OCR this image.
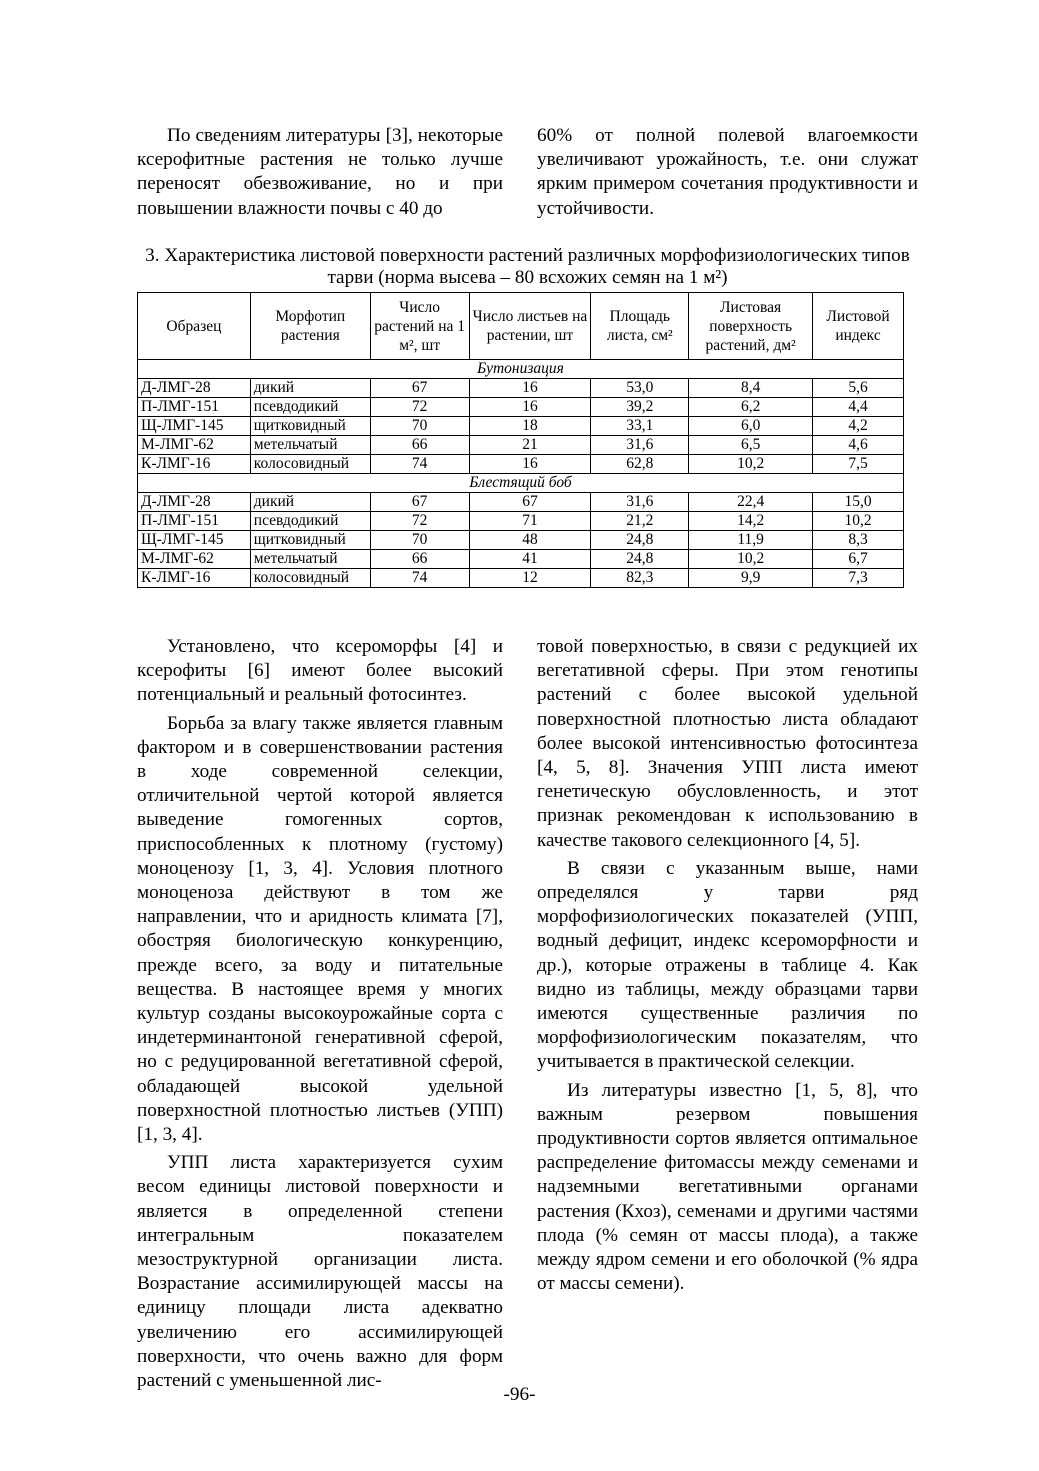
По сведениям литературы [3], некоторые ксерофитные растения не только лучше переносят обезвоживание, но и при повышении влажности почвы с 40 до

60% от полной полевой влагоемкости увеличивают урожайность, т.е. они служат ярким примером сочетания продуктивности и устойчивости.

3. Характеристика листовой поверхности растений различных морфофизиологических типов тарви (норма высева – 80 всхожих семян на 1 м²)
Образец	Морфотип растения	Число растений на 1 м², шт	Число листьев на растении, шт	Площадь листа, см²	Листовая поверхность растений, дм²	Листовой индекс
Бутонизация						
Д-ЛМГ-28	дикий	67	16	53,0	8,4	5,6
П-ЛМГ-151	псевдодикий	72	16	39,2	6,2	4,4
Щ-ЛМГ-145	щитковидный	70	18	33,1	6,0	4,2
М-ЛМГ-62	метельчатый	66	21	31,6	6,5	4,6
К-ЛМГ-16	колосовидный	74	16	62,8	10,2	7,5
Блестящий боб						
Д-ЛМГ-28	дикий	67	67	31,6	22,4	15,0
П-ЛМГ-151	псевдодикий	72	71	21,2	14,2	10,2
Щ-ЛМГ-145	щитковидный	70	48	24,8	11,9	8,3
М-ЛМГ-62	метельчатый	66	41	24,8	10,2	6,7
К-ЛМГ-16	колосовидный	74	12	82,3	9,9	7,3

Установлено, что ксероморфы [4] и ксерофиты [6] имеют более высокий потенциальный и реальный фотосинтез.

Борьба за влагу также является главным фактором и в совершенствовании растения в ходе современной селекции, отличительной чертой которой является выведение гомогенных сортов, приспособленных к плотному (густому) моноценозу [1, 3, 4]. Условия плотного моноценоза действуют в том же направлении, что и аридность климата [7], обостряя биологическую конкуренцию, прежде всего, за воду и питательные вещества. В настоящее время у многих культур созданы высокоурожайные сорта с индетерминантоной генеративной сферой, но с редуцированной вегетативной сферой, обладающей высокой удельной поверхностной плотностью листьев (УПП) [1, 3, 4].

УПП листа характеризуется сухим весом единицы листовой поверхности и является в определенной степени интегральным показателем мезоструктурной организации листа. Возрастание ассимилирующей массы на единицу площади листа адекватно увеличению его ассимилирующей поверхности, что очень важно для форм растений с уменьшенной лис-

товой поверхностью, в связи с редукцией их вегетативной сферы. При этом генотипы растений с более высокой удельной поверхностной плотностью листа обладают более высокой интенсивностью фотосинтеза [4, 5, 8]. Значения УПП листа имеют генетическую обусловленность, и этот признак рекомендован к использованию в качестве такового селекционного [4, 5].

В связи с указанным выше, нами определялся у тарви ряд морфофизиологических показателей (УПП, водный дефицит, индекс ксероморфности и др.), которые отражены в таблице 4. Как видно из таблицы, между образцами тарви имеются существенные различия по морфофизиологическим показателям, что учитывается в практической селекции.

Из литературы известно [1, 5, 8], что важным резервом повышения продуктивности сортов является оптимальное распределение фитомассы между семенами и надземными вегетативными органами растения (Кхоз), семенами и другими частями плода (% семян от массы плода), а также между ядром семени и его оболочкой (% ядра от массы семени).

-96-
